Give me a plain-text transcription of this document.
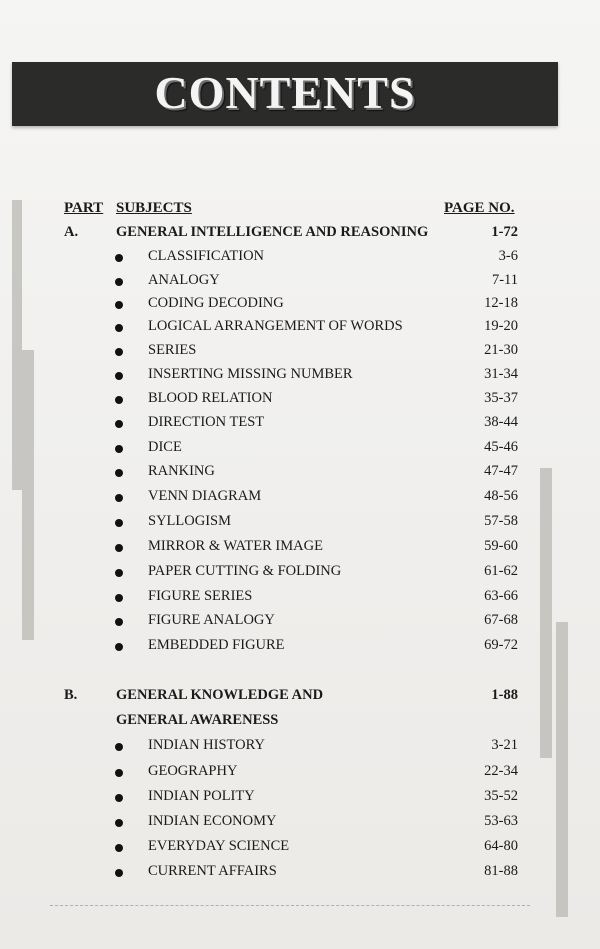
CONTENTS
PART SUBJECTS	PAGE NO.
A.	GENERAL INTELLIGENCE AND REASONING	1-72
CLASSIFICATION	3-6
ANALOGY	7-11
CODING DECODING	12-18
LOGICAL ARRANGEMENT OF WORDS	19-20
SERIES	21-30
INSERTING MISSING NUMBER	31-34
BLOOD RELATION	35-37
DIRECTION TEST	38-44
DICE	45-46
RANKING	47-47
VENN DIAGRAM	48-56
SYLLOGISM	57-58
MIRROR & WATER IMAGE	59-60
PAPER CUTTING & FOLDING	61-62
FIGURE SERIES	63-66
FIGURE ANALOGY	67-68
EMBEDDED FIGURE	69-72
B.	GENERAL KNOWLEDGE AND	1-88
GENERAL AWARENESS
INDIAN HISTORY	3-21
GEOGRAPHY	22-34
INDIAN POLITY	35-52
INDIAN ECONOMY	53-63
EVERYDAY SCIENCE	64-80
CURRENT AFFAIRS	81-88
